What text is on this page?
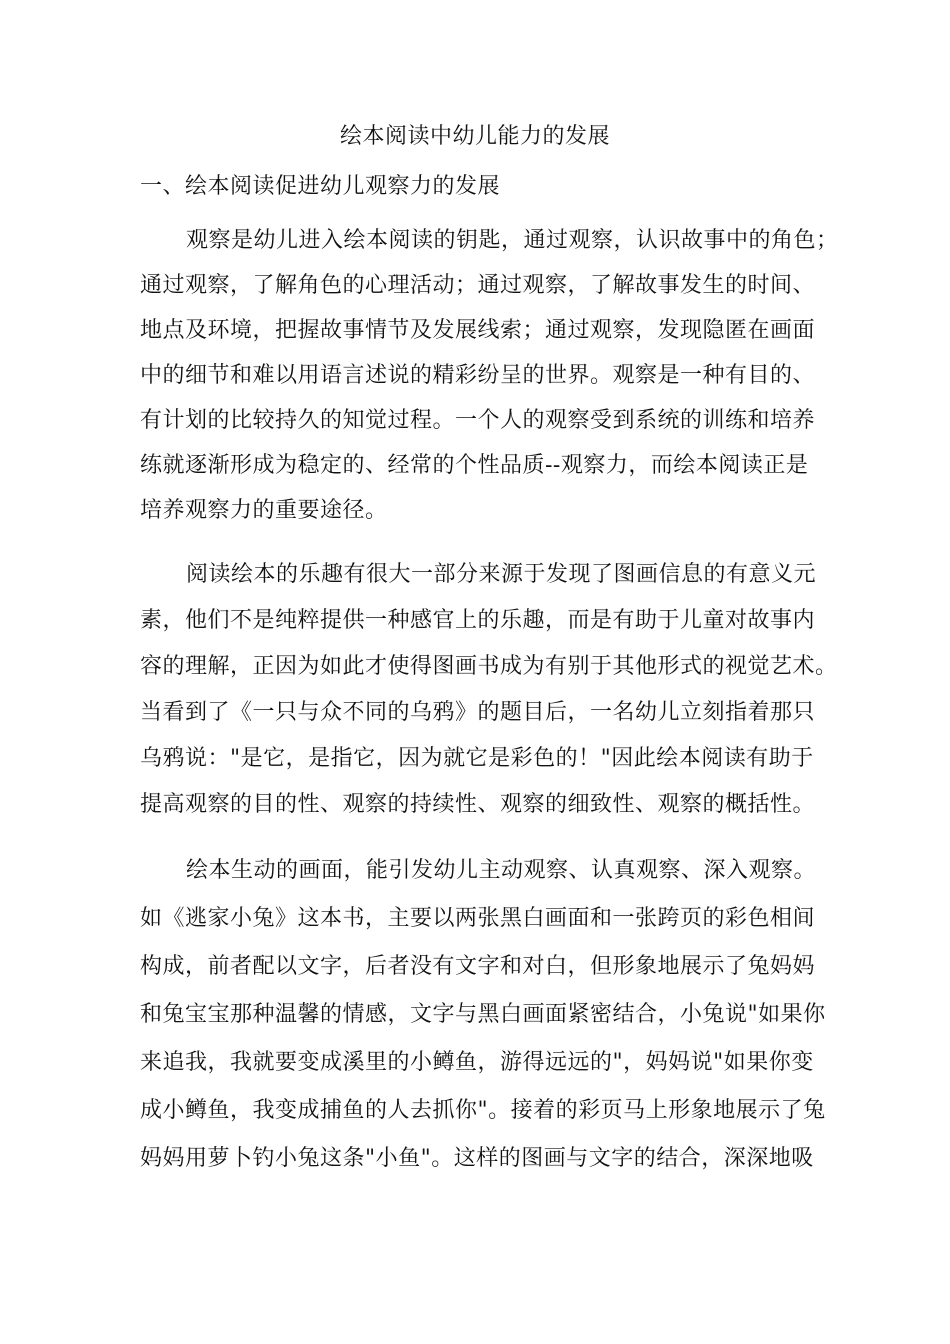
绘本阅读中幼儿能力的发展
一、绘本阅读促进幼儿观察力的发展
观察是幼儿进入绘本阅读的钥匙，通过观察，认识故事中的角色；
通过观察，了解角色的心理活动；通过观察，了解故事发生的时间、
地点及环境，把握故事情节及发展线索；通过观察，发现隐匿在画面
中的细节和难以用语言述说的精彩纷呈的世界。观察是一种有目的、
有计划的比较持久的知觉过程。一个人的观察受到系统的训练和培养
练就逐渐形成为稳定的、经常的个性品质--观察力，而绘本阅读正是
培养观察力的重要途径。
阅读绘本的乐趣有很大一部分来源于发现了图画信息的有意义元
素，他们不是纯粹提供一种感官上的乐趣，而是有助于儿童对故事内
容的理解，正因为如此才使得图画书成为有别于其他形式的视觉艺术。
当看到了《一只与众不同的乌鸦》的题目后，一名幼儿立刻指着那只
乌鸦说："是它，是指它，因为就它是彩色的！"因此绘本阅读有助于
提高观察的目的性、观察的持续性、观察的细致性、观察的概括性。
绘本生动的画面，能引发幼儿主动观察、认真观察、深入观察。
如《逃家小兔》这本书，主要以两张黑白画面和一张跨页的彩色相间
构成，前者配以文字，后者没有文字和对白，但形象地展示了兔妈妈
和兔宝宝那种温馨的情感，文字与黑白画面紧密结合，小兔说"如果你
来追我，我就要变成溪里的小鳟鱼，游得远远的"，妈妈说"如果你变
成小鳟鱼，我变成捕鱼的人去抓你"。接着的彩页马上形象地展示了兔
妈妈用萝卜钓小兔这条"小鱼"。这样的图画与文字的结合，深深地吸
